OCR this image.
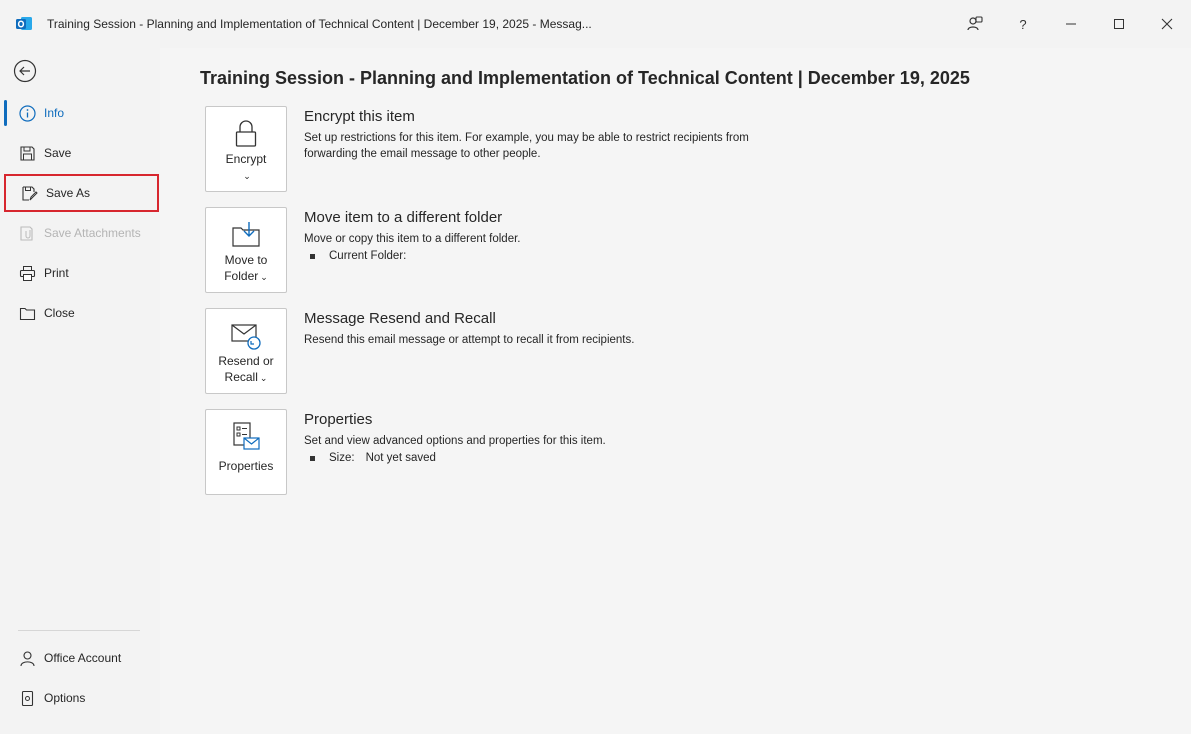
Training Session - Planning and Implementation of Technical Content | December 19, 2025 - Messag...	?
Info
Save
Save As
Save Attachments
Print
Close
Office Account
Options
Training Session - Planning and Implementation of Technical Content | December 19, 2025
Encrypt
⌄
Encrypt this item
Set up restrictions for this item. For example, you may be able to restrict recipients from forwarding the email message to other people.
Move to
Folder ⌄
Move item to a different folder
Move or copy this item to a different folder.
Current Folder:
Resend or
Recall ⌄
Message Resend and Recall
Resend this email message or attempt to recall it from recipients.
Properties
Properties
Set and view advanced options and properties for this item.
Size: Not yet saved
